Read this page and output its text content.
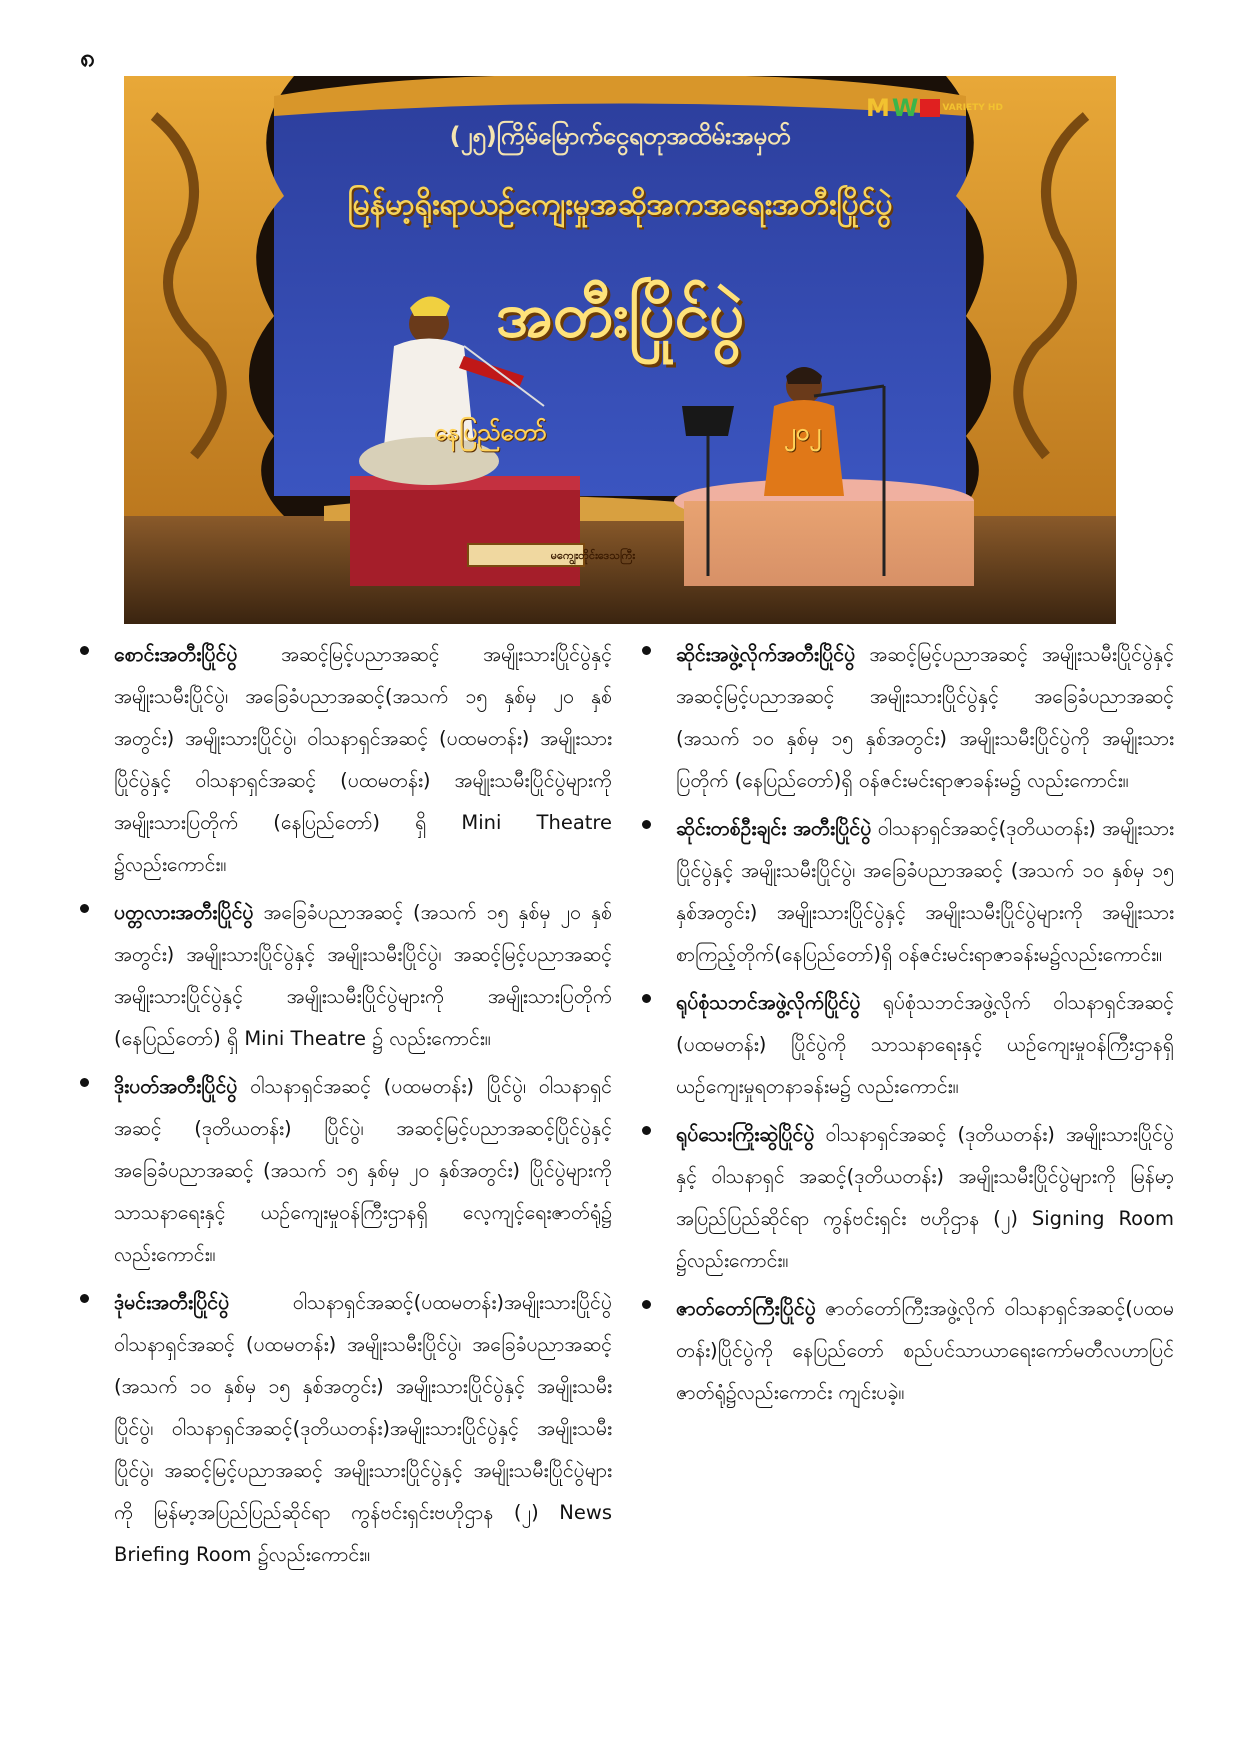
၈
(၂၅)ကြိမ်မြောက်ငွေရတုအထိမ်းအမှတ်
မြန်မာ့ရိုးရာယဉ်ကျေးမှုအဆိုအကအရေးအတီးပြိုင်ပွဲ
အတီးပြိုင်ပွဲ
နေပြည်တော်	၂၀၂
မကျွေးတိုင်းဒေသကြီး
M W	VARIETY HD
စောင်းအတီးပြိုင်ပွဲ အဆင့်မြင့်ပညာအဆင့် အမျိုးသားပြိုင်ပွဲနှင့် အမျိုးသမီးပြိုင်ပွဲ၊ အခြေခံပညာအဆင့်(အသက် ၁၅ နှစ်မှ ၂၀ နှစ်အတွင်း) အမျိုးသားပြိုင်ပွဲ၊ ဝါသနာရှင်အဆင့် (ပထမတန်း) အမျိုးသားပြိုင်ပွဲနှင့် ဝါသနာရှင်အဆင့် (ပထမတန်း) အမျိုးသမီးပြိုင်ပွဲများကို အမျိုးသားပြတိုက် (နေပြည်တော်) ရှိ Mini Theatre ၌လည်းကောင်း။
ပတ္တလားအတီးပြိုင်ပွဲ အခြေခံပညာအဆင့် (အသက် ၁၅ နှစ်မှ ၂၀ နှစ်အတွင်း) အမျိုးသားပြိုင်ပွဲနှင့် အမျိုးသမီးပြိုင်ပွဲ၊ အဆင့်မြင့်ပညာအဆင့် အမျိုးသားပြိုင်ပွဲနှင့် အမျိုးသမီးပြိုင်ပွဲများကို အမျိုးသားပြတိုက် (နေပြည်တော်) ရှိ Mini Theatre ၌ လည်းကောင်း။
ဒိုးပတ်အတီးပြိုင်ပွဲ ဝါသနာရှင်အဆင့် (ပထမတန်း) ပြိုင်ပွဲ၊ ဝါသနာရှင်အဆင့် (ဒုတိယတန်း) ပြိုင်ပွဲ၊ အဆင့်မြင့်ပညာအဆင့်ပြိုင်ပွဲနှင့် အခြေခံပညာအဆင့် (အသက် ၁၅ နှစ်မှ ၂၀ နှစ်အတွင်း) ပြိုင်ပွဲများကို သာသနာရေးနှင့် ယဉ်ကျေးမှုဝန်ကြီးဌာနရှိ လေ့ကျင့်ရေးဇာတ်ရုံ၌ လည်းကောင်း။
ဒုံမင်းအတီးပြိုင်ပွဲ ဝါသနာရှင်အဆင့်(ပထမတန်း)အမျိုးသားပြိုင်ပွဲ ဝါသနာရှင်အဆင့် (ပထမတန်း) အမျိုးသမီးပြိုင်ပွဲ၊ အခြေခံပညာအဆင့် (အသက် ၁၀ နှစ်မှ ၁၅ နှစ်အတွင်း) အမျိုးသားပြိုင်ပွဲနှင့် အမျိုးသမီးပြိုင်ပွဲ၊ ဝါသနာရှင်အဆင့်(ဒုတိယတန်း)အမျိုးသားပြိုင်ပွဲနှင့် အမျိုးသမီးပြိုင်ပွဲ၊ အဆင့်မြင့်ပညာအဆင့် အမျိုးသားပြိုင်ပွဲနှင့် အမျိုးသမီးပြိုင်ပွဲများကို မြန်မာ့အပြည်ပြည်ဆိုင်ရာ ကွန်ဗင်းရှင်းဗဟိုဌာန (၂) News Briefing Room ၌လည်းကောင်း။
ဆိုင်းအဖွဲ့လိုက်အတီးပြိုင်ပွဲ အဆင့်မြင့်ပညာအဆင့် အမျိုးသမီးပြိုင်ပွဲနှင့် အဆင့်မြင့်ပညာအဆင့် အမျိုးသားပြိုင်ပွဲနှင့် အခြေခံပညာအဆင့် (အသက် ၁၀ နှစ်မှ ၁၅ နှစ်အတွင်း) အမျိုးသမီးပြိုင်ပွဲကို အမျိုးသားပြတိုက် (နေပြည်တော်)ရှိ ဝန်ဇင်းမင်းရာဇာခန်းမ၌ လည်းကောင်း။
ဆိုင်းတစ်ဦးချင်း အတီးပြိုင်ပွဲ ဝါသနာရှင်အဆင့်(ဒုတိယတန်း) အမျိုးသားပြိုင်ပွဲနှင့် အမျိုးသမီးပြိုင်ပွဲ၊ အခြေခံပညာအဆင့် (အသက် ၁၀ နှစ်မှ ၁၅ နှစ်အတွင်း) အမျိုးသားပြိုင်ပွဲနှင့် အမျိုးသမီးပြိုင်ပွဲများကို အမျိုးသားစာကြည့်တိုက်(နေပြည်တော်)ရှိ ဝန်ဇင်းမင်းရာဇာခန်းမ၌လည်းကောင်း။
ရုပ်စုံသဘင်အဖွဲ့လိုက်ပြိုင်ပွဲ ရုပ်စုံသဘင်အဖွဲ့လိုက် ဝါသနာရှင်အဆင့် (ပထမတန်း) ပြိုင်ပွဲကို သာသနာရေးနှင့် ယဉ်ကျေးမှုဝန်ကြီးဌာနရှိ ယဉ်ကျေးမှုရတနာခန်းမ၌ လည်းကောင်း။
ရုပ်သေးကြိုးဆွဲပြိုင်ပွဲ ဝါသနာရှင်အဆင့် (ဒုတိယတန်း) အမျိုးသားပြိုင်ပွဲနှင့် ဝါသနာရှင် အဆင့်(ဒုတိယတန်း) အမျိုးသမီးပြိုင်ပွဲများကို မြန်မာ့အပြည်ပြည်ဆိုင်ရာ ကွန်ဗင်းရှင်း ဗဟိုဌာန (၂) Signing Room ၌လည်းကောင်း။
ဇာတ်တော်ကြီးပြိုင်ပွဲ ဇာတ်တော်ကြီးအဖွဲ့လိုက် ဝါသနာရှင်အဆင့်(ပထမတန်း)ပြိုင်ပွဲကို နေပြည်တော် စည်ပင်သာယာရေးကော်မတီလဟာပြင် ဇာတ်ရုံ၌လည်းကောင်း ကျင်းပခဲ့။
